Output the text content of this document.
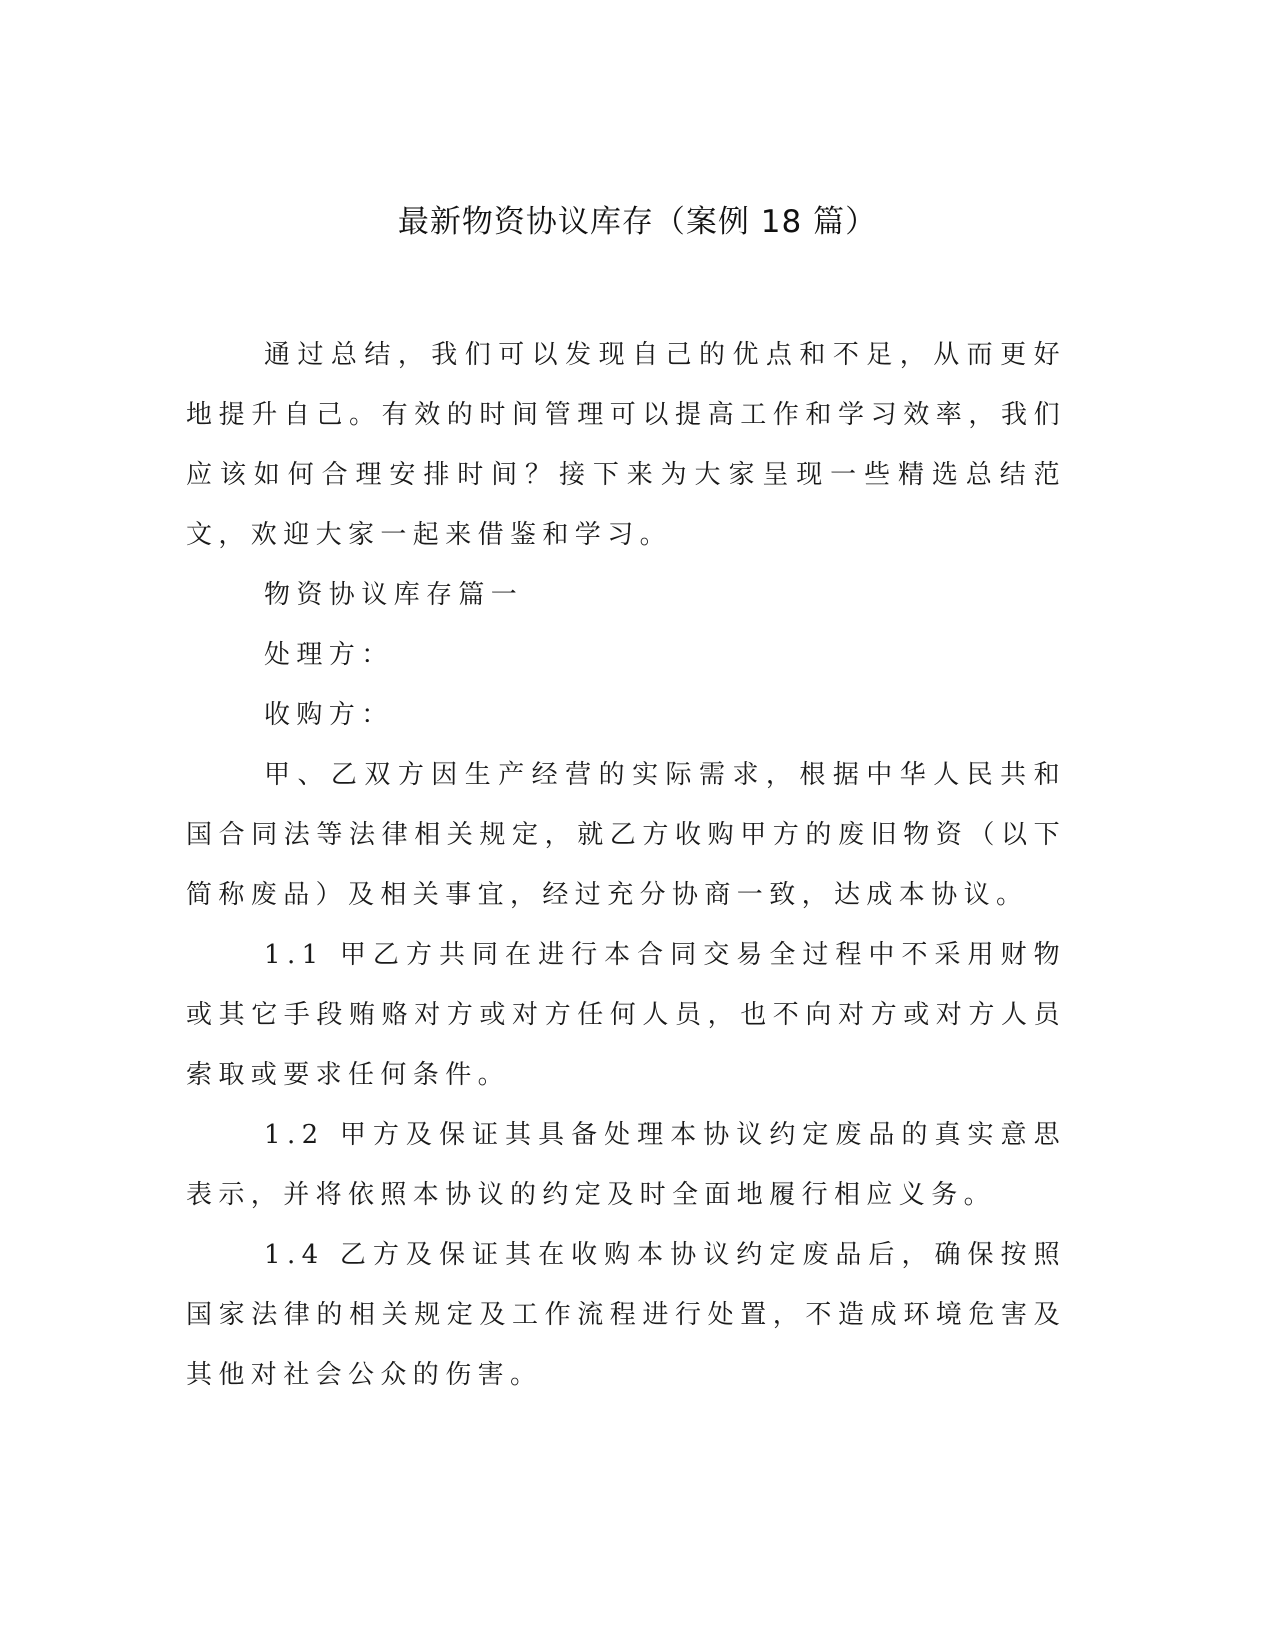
最新物资协议库存（案例 18 篇）

通过总结，我们可以发现自己的优点和不足，从而更好地提升自己。有效的时间管理可以提高工作和学习效率，我们应该如何合理安排时间？接下来为大家呈现一些精选总结范文，欢迎大家一起来借鉴和学习。

物资协议库存篇一

处理方：

收购方：

甲、乙双方因生产经营的实际需求，根据中华人民共和国合同法等法律相关规定，就乙方收购甲方的废旧物资（以下简称废品）及相关事宜，经过充分协商一致，达成本协议。

1.1 甲乙方共同在进行本合同交易全过程中不采用财物或其它手段贿赂对方或对方任何人员，也不向对方或对方人员索取或要求任何条件。

1.2 甲方及保证其具备处理本协议约定废品的真实意思表示，并将依照本协议的约定及时全面地履行相应义务。

1.4 乙方及保证其在收购本协议约定废品后，确保按照国家法律的相关规定及工作流程进行处置，不造成环境危害及其他对社会公众的伤害。
